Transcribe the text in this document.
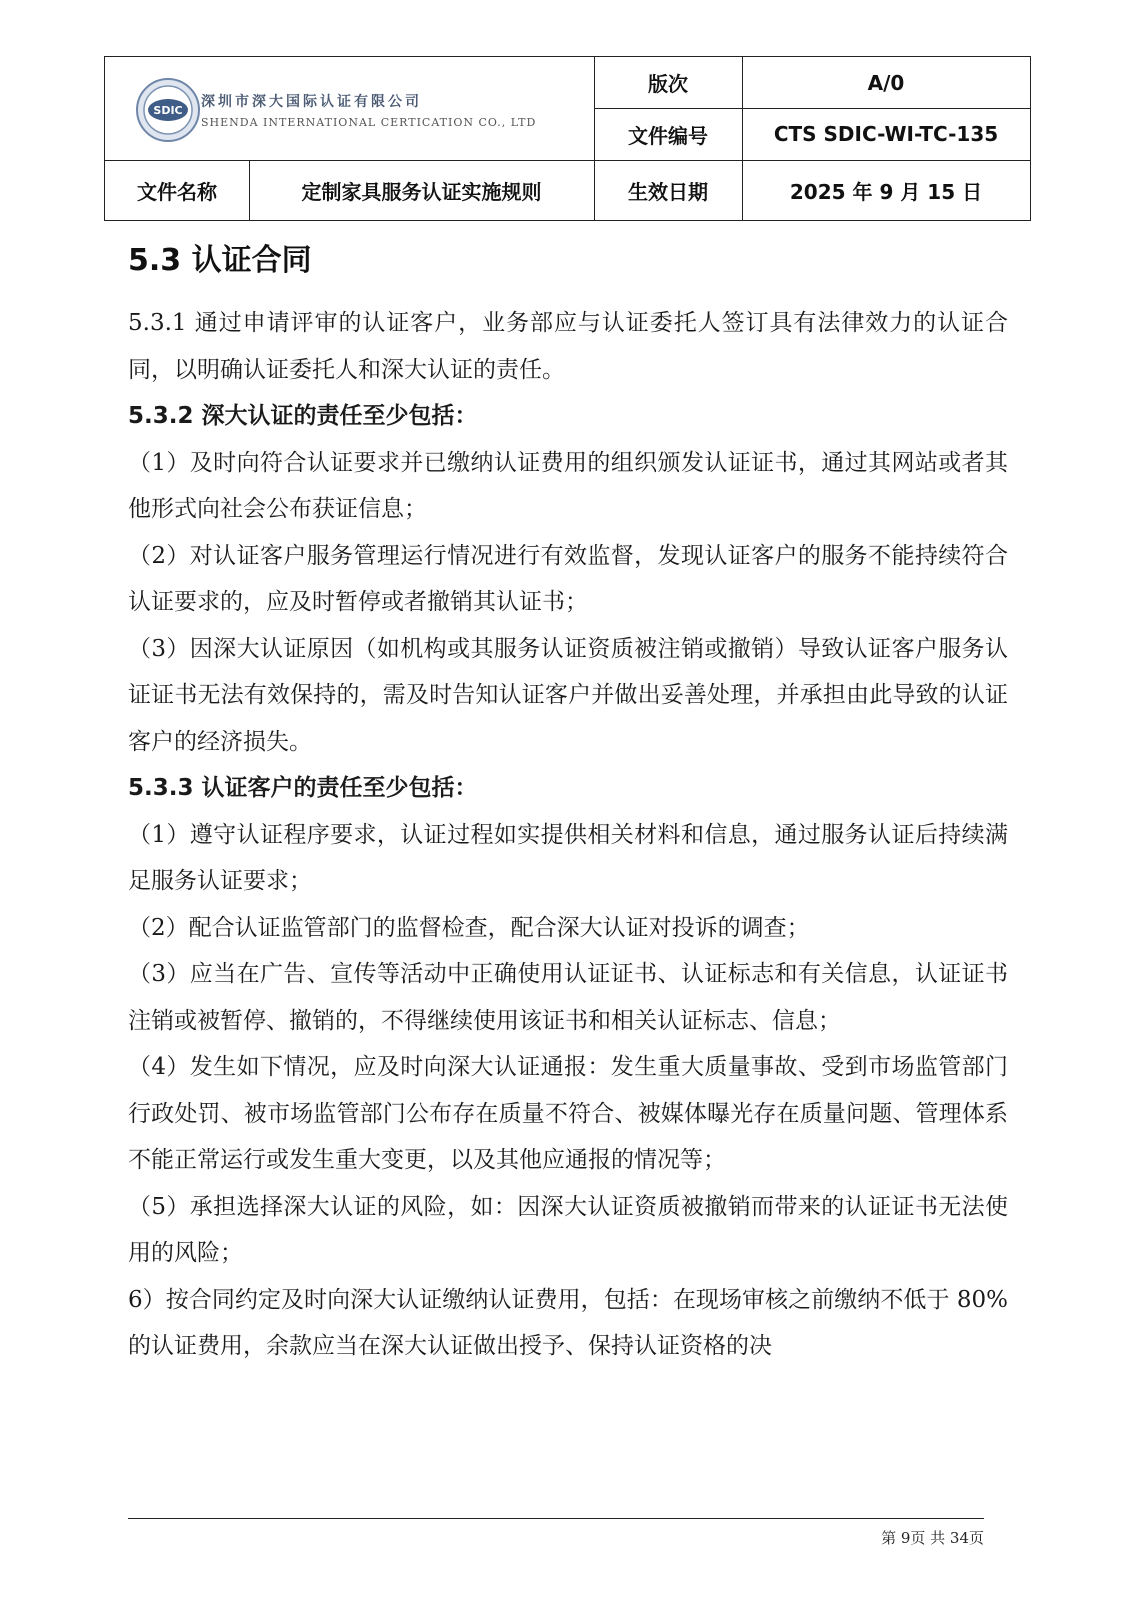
SDIC
深圳市深大国际认证有限公司
SHENDA INTERNATIONAL CERTICATION CO., LTD
版次	A/0
文件编号	CTS SDIC-WI-TC-135
文件名称	定制家具服务认证实施规则	生效日期	2025 年 9 月 15 日
5.3 认证合同

5.3.1 通过申请评审的认证客户，业务部应与认证委托人签订具有法律效力的认证合同，以明确认证委托人和深大认证的责任。

5.3.2 深大认证的责任至少包括：

（1）及时向符合认证要求并已缴纳认证费用的组织颁发认证证书，通过其网站或者其他形式向社会公布获证信息；

（2）对认证客户服务管理运行情况进行有效监督，发现认证客户的服务不能持续符合认证要求的，应及时暂停或者撤销其认证书；

（3）因深大认证原因（如机构或其服务认证资质被注销或撤销）导致认证客户服务认证证书无法有效保持的，需及时告知认证客户并做出妥善处理，并承担由此导致的认证客户的经济损失。

5.3.3 认证客户的责任至少包括：

（1）遵守认证程序要求，认证过程如实提供相关材料和信息，通过服务认证后持续满足服务认证要求；

（2）配合认证监管部门的监督检查，配合深大认证对投诉的调查；

（3）应当在广告、宣传等活动中正确使用认证证书、认证标志和有关信息，认证证书注销或被暂停、撤销的，不得继续使用该证书和相关认证标志、信息；

（4）发生如下情况，应及时向深大认证通报：发生重大质量事故、受到市场监管部门行政处罚、被市场监管部门公布存在质量不符合、被媒体曝光存在质量问题、管理体系不能正常运行或发生重大变更，以及其他应通报的情况等；

（5）承担选择深大认证的风险，如：因深大认证资质被撤销而带来的认证证书无法使用的风险；

6）按合同约定及时向深大认证缴纳认证费用，包括：在现场审核之前缴纳不低于 80%的认证费用，余款应当在深大认证做出授予、保持认证资格的决

第 9页 共 34页
